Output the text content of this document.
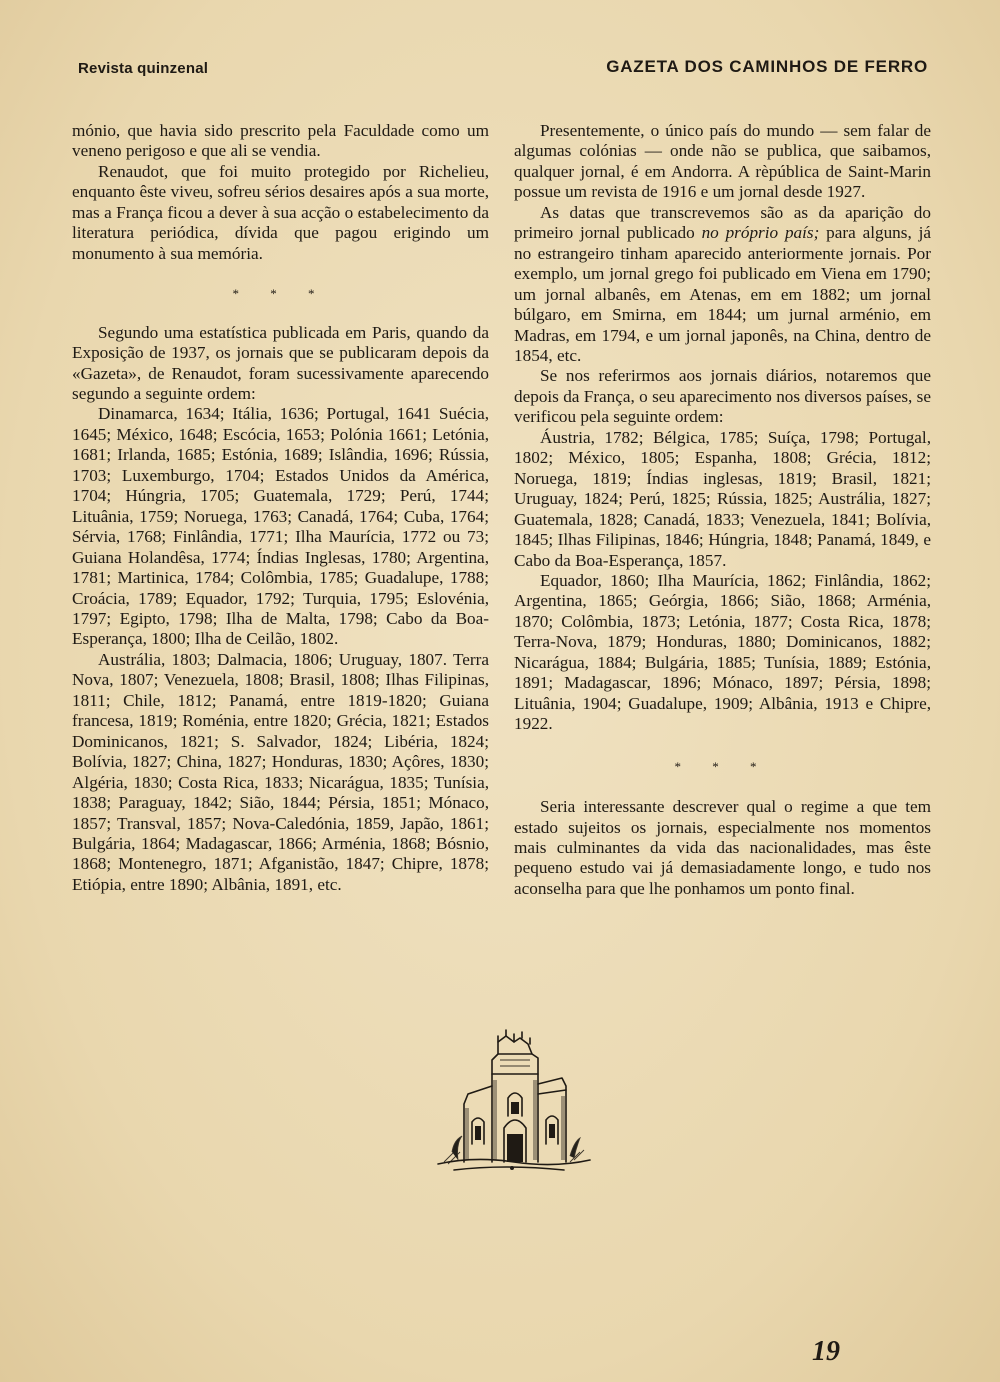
Revista quinzenal	GAZETA DOS CAMINHOS DE FERRO

mónio, que havia sido prescrito pela Faculdade como um veneno perigoso e que ali se vendia.

Renaudot, que foi muito protegido por Richelieu, enquanto êste viveu, sofreu sérios desaires após a sua morte, mas a França ficou a dever à sua acção o estabelecimento da literatura periódica, dívida que pagou erigindo um monumento à sua memória.

* * *

Segundo uma estatística publicada em Paris, quando da Exposição de 1937, os jornais que se publicaram depois da «Gazeta», de Renaudot, foram sucessivamente aparecendo segundo a seguinte ordem:

Dinamarca, 1634; Itália, 1636; Portugal, 1641 Suécia, 1645; México, 1648; Escócia, 1653; Polónia 1661; Letónia, 1681; Irlanda, 1685; Estónia, 1689; Islândia, 1696; Rússia, 1703; Luxemburgo, 1704; Estados Unidos da América, 1704; Húngria, 1705; Guatemala, 1729; Perú, 1744; Lituânia, 1759; Noruega, 1763; Canadá, 1764; Cuba, 1764; Sérvia, 1768; Finlândia, 1771; Ilha Maurícia, 1772 ou 73; Guiana Holandêsa, 1774; Índias Inglesas, 1780; Argentina, 1781; Martinica, 1784; Colômbia, 1785; Guadalupe, 1788; Croácia, 1789; Equador, 1792; Turquia, 1795; Eslovénia, 1797; Egipto, 1798; Ilha de Malta, 1798; Cabo da Boa-Esperança, 1800; Ilha de Ceilão, 1802.

Austrália, 1803; Dalmacia, 1806; Uruguay, 1807. Terra Nova, 1807; Venezuela, 1808; Brasil, 1808; Ilhas Filipinas, 1811; Chile, 1812; Panamá, entre 1819-1820; Guiana francesa, 1819; Roménia, entre 1820; Grécia, 1821; Estados Dominicanos, 1821; S. Salvador, 1824; Libéria, 1824; Bolívia, 1827; China, 1827; Honduras, 1830; Açôres, 1830; Algéria, 1830; Costa Rica, 1833; Nicarágua, 1835; Tunísia, 1838; Paraguay, 1842; Sião, 1844; Pérsia, 1851; Mónaco, 1857; Transval, 1857; Nova-Caledónia, 1859, Japão, 1861; Bulgária, 1864; Madagascar, 1866; Arménia, 1868; Bósnio, 1868; Montenegro, 1871; Afganistão, 1847; Chipre, 1878; Etiópia, entre 1890; Albânia, 1891, etc.

Presentemente, o único país do mundo — sem falar de algumas colónias — onde não se publica, que saibamos, qualquer jornal, é em Andorra. A rèpública de Saint-Marin possue um revista de 1916 e um jornal desde 1927.

As datas que transcrevemos são as da aparição do primeiro jornal publicado no próprio país; para alguns, já no estrangeiro tinham aparecido anteriormente jornais. Por exemplo, um jornal grego foi publicado em Viena em 1790; um jornal albanês, em Atenas, em em 1882; um jornal búlgaro, em Smirna, em 1844; um jurnal arménio, em Madras, em 1794, e um jornal japonês, na China, dentro de 1854, etc.

Se nos referirmos aos jornais diários, notaremos que depois da França, o seu aparecimento nos diversos países, se verificou pela seguinte ordem:

Áustria, 1782; Bélgica, 1785; Suíça, 1798; Portugal, 1802; México, 1805; Espanha, 1808; Grécia, 1812; Noruega, 1819; Índias inglesas, 1819; Brasil, 1821; Uruguay, 1824; Perú, 1825; Rússia, 1825; Austrália, 1827; Guatemala, 1828; Canadá, 1833; Venezuela, 1841; Bolívia, 1845; Ilhas Filipinas, 1846; Húngria, 1848; Panamá, 1849, e Cabo da Boa-Esperança, 1857.

Equador, 1860; Ilha Maurícia, 1862; Finlândia, 1862; Argentina, 1865; Geórgia, 1866; Sião, 1868; Arménia, 1870; Colômbia, 1873; Letónia, 1877; Costa Rica, 1878; Terra-Nova, 1879; Honduras, 1880; Dominicanos, 1882; Nicarágua, 1884; Bulgária, 1885; Tunísia, 1889; Estónia, 1891; Madagascar, 1896; Mónaco, 1897; Pérsia, 1898; Lituânia, 1904; Guadalupe, 1909; Albânia, 1913 e Chipre, 1922.

* * *

Seria interessante descrever qual o regime a que tem estado sujeitos os jornais, especialmente nos momentos mais culminantes da vida das nacionalidades, mas êste pequeno estudo vai já demasiadamente longo, e tudo nos aconselha para que lhe ponhamos um ponto final.

19
